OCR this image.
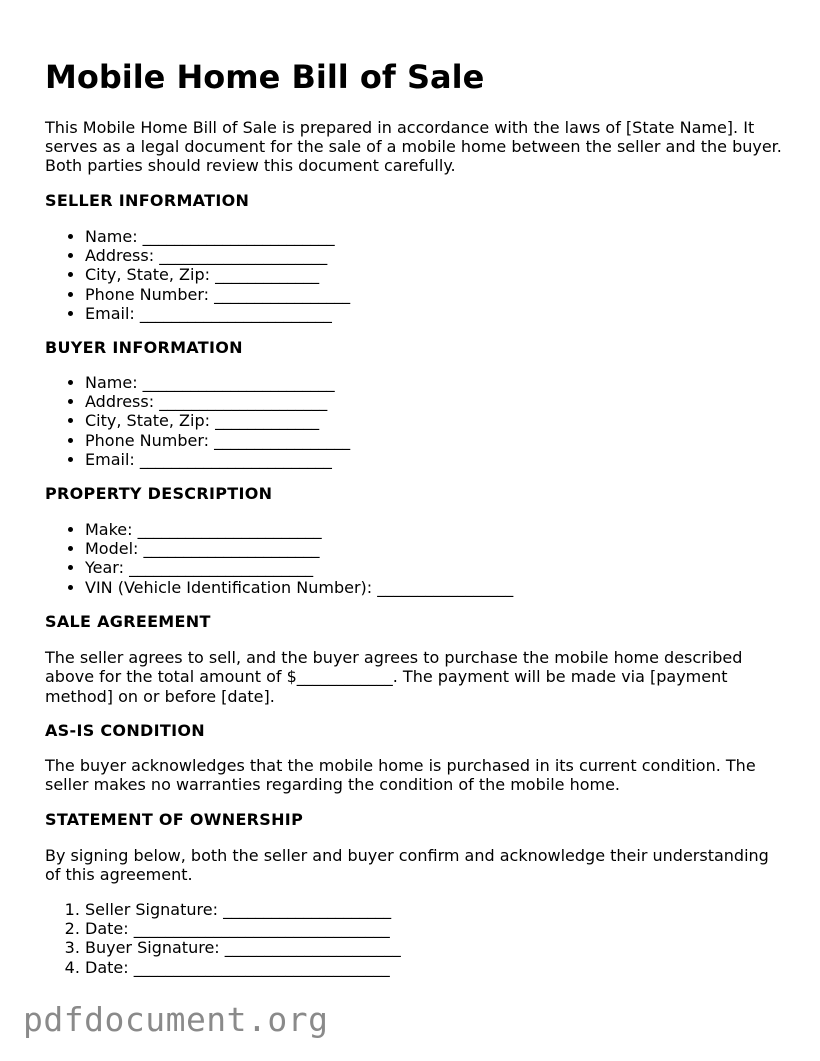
Mobile Home Bill of Sale

This Mobile Home Bill of Sale is prepared in accordance with the laws of [State Name]. It serves as a legal document for the sale of a mobile home between the seller and the buyer. Both parties should review this document carefully.

SELLER INFORMATION
• Name: ________________________
• Address: _____________________
• City, State, Zip: _____________
• Phone Number: _________________
• Email: ________________________
BUYER INFORMATION
• Name: ________________________
• Address: _____________________
• City, State, Zip: _____________
• Phone Number: _________________
• Email: ________________________
PROPERTY DESCRIPTION
• Make: _______________________
• Model: ______________________
• Year: _______________________
• VIN (Vehicle Identification Number): _________________
SALE AGREEMENT

The seller agrees to sell, and the buyer agrees to purchase the mobile home described above for the total amount of $____________. The payment will be made via [payment method] on or before [date].

AS-IS CONDITION

The buyer acknowledges that the mobile home is purchased in its current condition. The seller makes no warranties regarding the condition of the mobile home.

STATEMENT OF OWNERSHIP

By signing below, both the seller and buyer confirm and acknowledge their understanding of this agreement.

1. Seller Signature: _____________________
2. Date: ________________________________
3. Buyer Signature: ______________________
4. Date: ________________________________
pdfdocument.org
